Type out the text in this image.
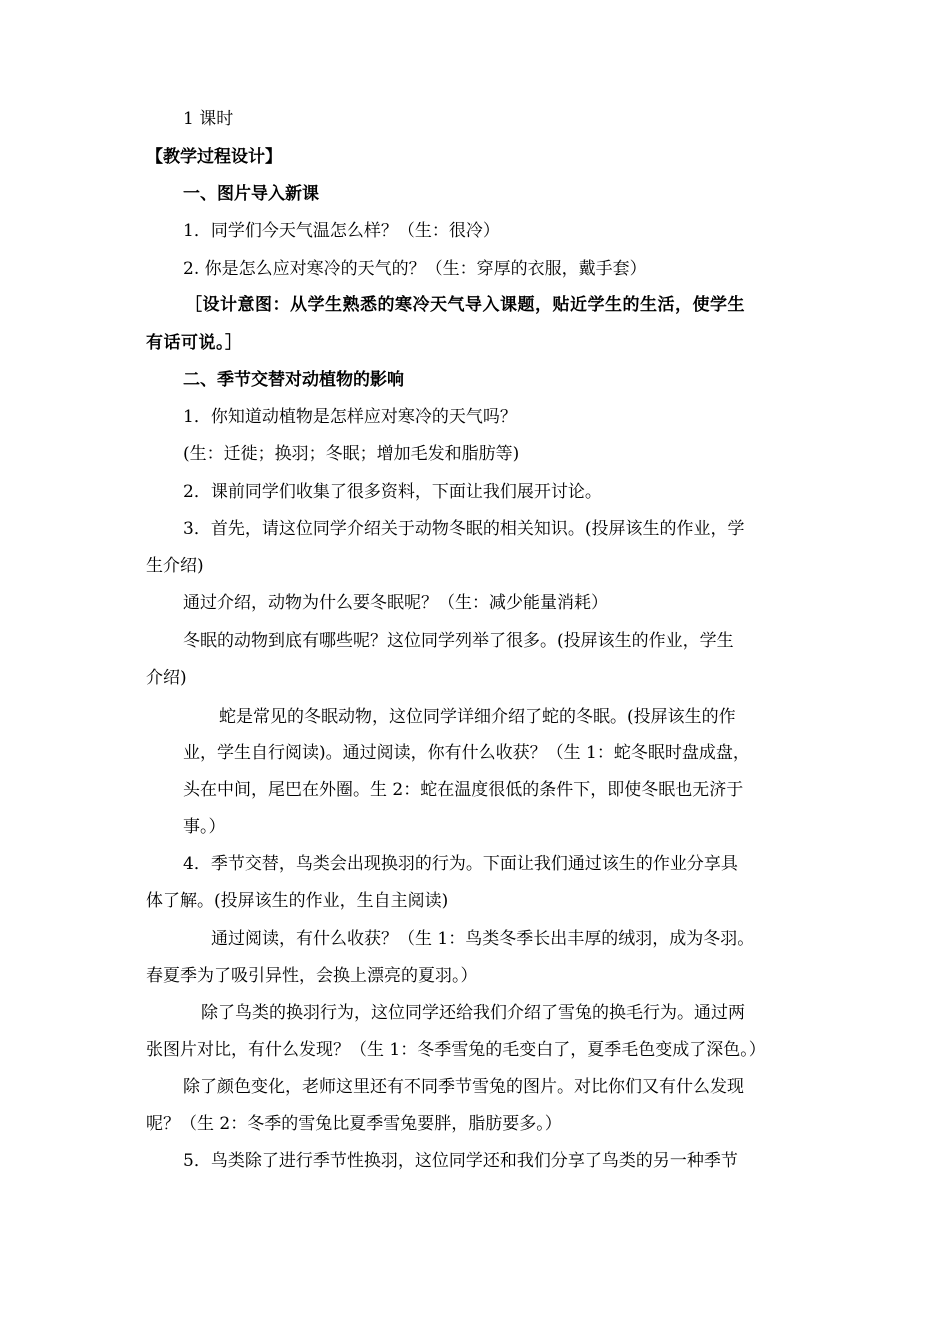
1 课时
【教学过程设计】
一、图片导入新课
1．同学们今天气温怎么样？（生：很冷）
2. 你是怎么应对寒冷的天气的？（生：穿厚的衣服，戴手套）
［设计意图：从学生熟悉的寒冷天气导入课题，贴近学生的生活，使学生
有话可说。］
二、季节交替对动植物的影响
1．你知道动植物是怎样应对寒冷的天气吗？
(生：迁徙；换羽；冬眠；增加毛发和脂肪等)
2．课前同学们收集了很多资料，下面让我们展开讨论。
3．首先，请这位同学介绍关于动物冬眠的相关知识。(投屏该生的作业，学
生介绍)
通过介绍，动物为什么要冬眠呢？（生：减少能量消耗）
冬眠的动物到底有哪些呢？这位同学列举了很多。(投屏该生的作业，学生
介绍)
蛇是常见的冬眠动物，这位同学详细介绍了蛇的冬眠。(投屏该生的作
业，学生自行阅读)。通过阅读，你有什么收获？（生 1：蛇冬眠时盘成盘，
头在中间，尾巴在外圈。生 2：蛇在温度很低的条件下，即使冬眠也无济于
事。）
4．季节交替，鸟类会出现换羽的行为。下面让我们通过该生的作业分享具
体了解。(投屏该生的作业，生自主阅读)
通过阅读，有什么收获？（生 1：鸟类冬季长出丰厚的绒羽，成为冬羽。
春夏季为了吸引异性，会换上漂亮的夏羽。）
除了鸟类的换羽行为，这位同学还给我们介绍了雪兔的换毛行为。通过两
张图片对比，有什么发现？（生 1：冬季雪兔的毛变白了，夏季毛色变成了深色。）
除了颜色变化，老师这里还有不同季节雪兔的图片。对比你们又有什么发现
呢？（生 2：冬季的雪兔比夏季雪兔要胖，脂肪要多。）
5．鸟类除了进行季节性换羽，这位同学还和我们分享了鸟类的另一种季节
